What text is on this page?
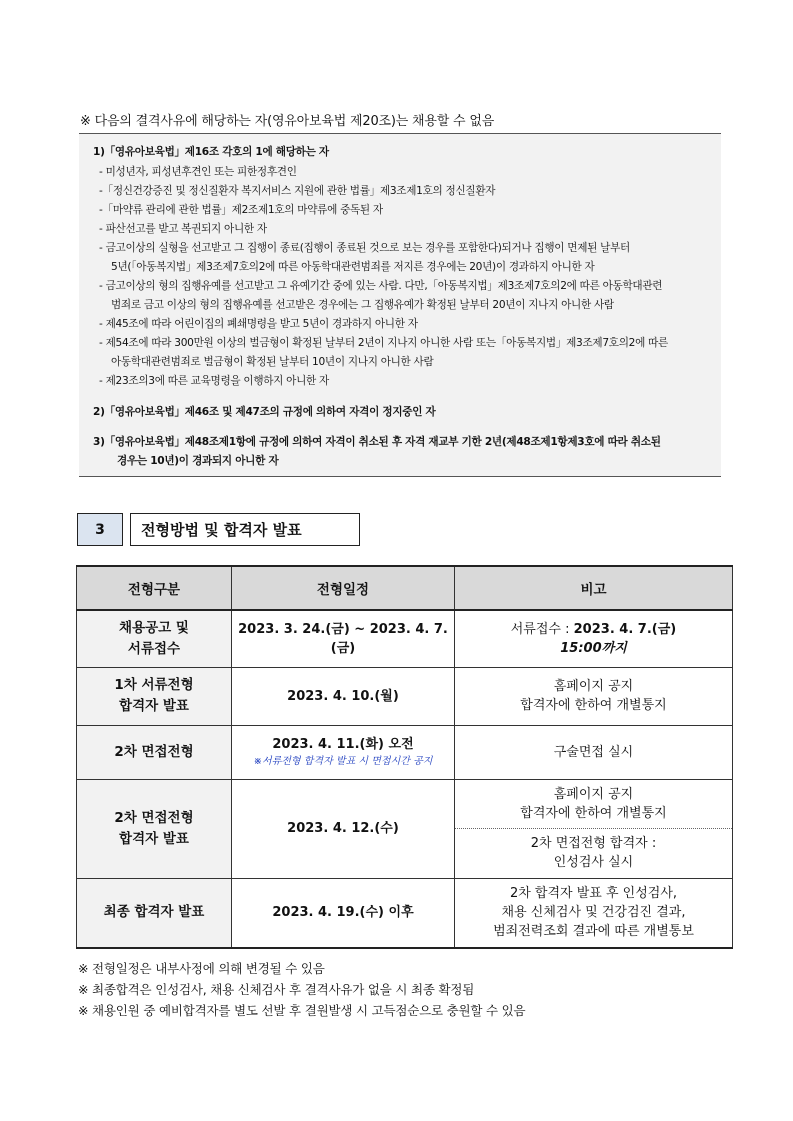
※ 다음의 결격사유에 해당하는 자(영유아보육법 제20조)는 채용할 수 없음
1)「영유아보육법」제16조 각호의 1에 해당하는 자
- 미성년자, 피성년후견인 또는 피한정후견인
-「정신건강증진 및 정신질환자 복지서비스 지원에 관한 법률」제3조제1호의 정신질환자
-「마약류 관리에 관한 법률」제2조제1호의 마약류에 중독된 자
- 파산선고를 받고 복권되지 아니한 자
- 금고이상의 실형을 선고받고 그 집행이 종료(집행이 종료된 것으로 보는 경우를 포함한다)되거나 집행이 면제된 날부터
5년(「아동복지법」제3조제7호의2에 따른 아동학대관련범죄를 저지른 경우에는 20년)이 경과하지 아니한 자
- 금고이상의 형의 집행유예를 선고받고 그 유예기간 중에 있는 사람. 다만,「아동복지법」제3조제7호의2에 따른 아동학대관련
범죄로 금고 이상의 형의 집행유예를 선고받은 경우에는 그 집행유예가 확정된 날부터 20년이 지나지 아니한 사람
- 제45조에 따라 어린이집의 폐쇄명령을 받고 5년이 경과하지 아니한 자
- 제54조에 따라 300만원 이상의 벌금형이 확정된 날부터 2년이 지나지 아니한 사람 또는「아동복지법」제3조제7호의2에 따른
아동학대관련범죄로 벌금형이 확정된 날부터 10년이 지나지 아니한 사람
- 제23조의3에 따른 교육명령을 이행하지 아니한 자
2)「영유아보육법」제46조 및 제47조의 규정에 의하여 자격이 정지중인 자
3)「영유아보육법」제48조제1항에 규정에 의하여 자격이 취소된 후 자격 재교부 기한 2년(제48조제1항제3호에 따라 취소된
경우는 10년)이 경과되지 아니한 자
3	전형방법 및 합격자 발표
전형구분	전형일정	비고

채용공고 및
서류접수	2023. 3. 24.(금) ~ 2023. 4. 7.(금)	서류접수 : 2023. 4. 7.(금)
15:00까지

1차 서류전형
합격자 발표	2023. 4. 10.(월)	홈페이지 공지
합격자에 한하여 개별통지

2차 면접전형	2023. 4. 11.(화) 오전
※서류전형 합격자 발표 시 면접시간 공지	구술면접 실시

2차 면접전형
합격자 발표	2023. 4. 12.(수)	홈페이지 공지
합격자에 한하여 개별통지

		2차 면접전형 합격자 :
인성검사 실시

최종 합격자 발표	2023. 4. 19.(수) 이후	2차 합격자 발표 후 인성검사,
채용 신체검사 및 건강검진 결과,
범죄전력조회 결과에 따른 개별통보
※ 전형일정은 내부사정에 의해 변경될 수 있음
※ 최종합격은 인성검사, 채용 신체검사 후 결격사유가 없을 시 최종 확정됨
※ 채용인원 중 예비합격자를 별도 선발 후 결원발생 시 고득점순으로 충원할 수 있음
